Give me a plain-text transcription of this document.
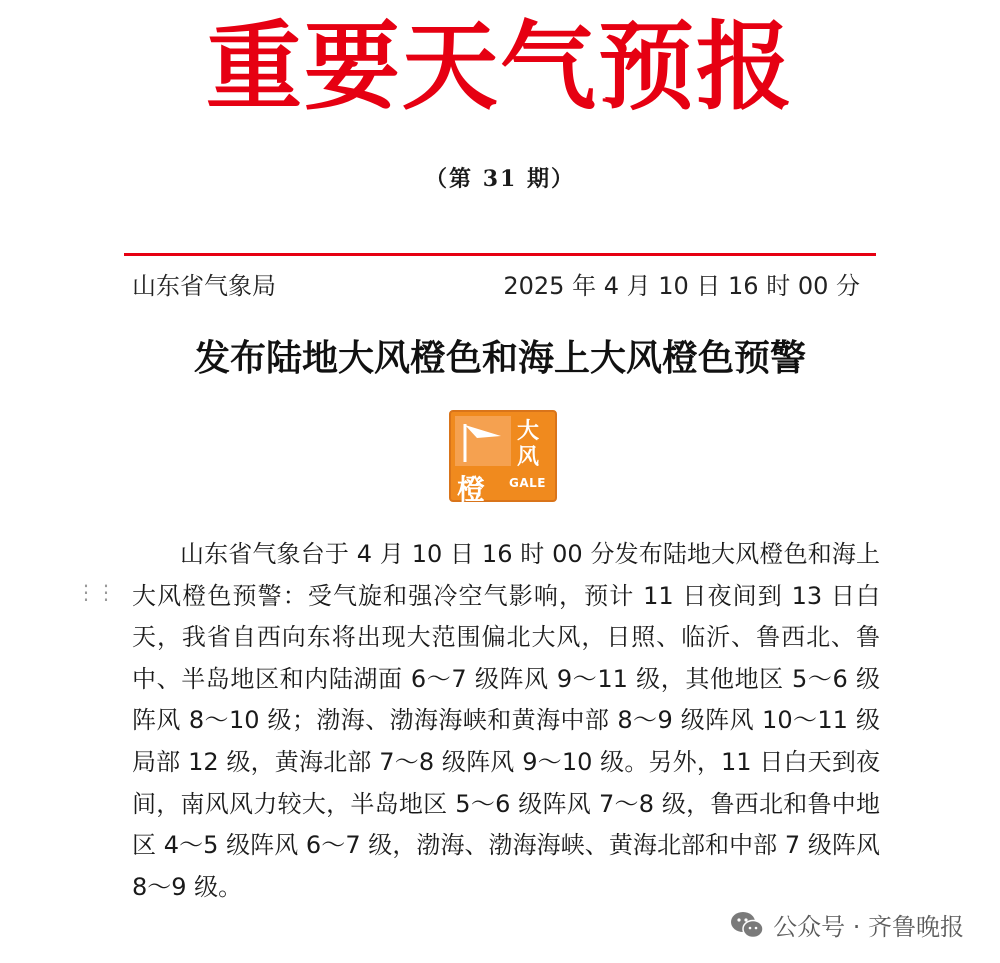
重要天气预报
（第 31 期）
山东省气象局	2025 年 4 月 10 日 16 时 00 分
发布陆地大风橙色和海上大风橙色预警
大
风
橙 GALE
⋮⋮

山东省气象台于 4 月 10 日 16 时 00 分发布陆地大风橙色和海上大风橙色预警：受气旋和强冷空气影响，预计 11 日夜间到 13 日白天，我省自西向东将出现大范围偏北大风，日照、临沂、鲁西北、鲁中、半岛地区和内陆湖面 6～7 级阵风 9～11 级，其他地区 5～6 级阵风 8～10 级；渤海、渤海海峡和黄海中部 8～9 级阵风 10～11 级局部 12 级，黄海北部 7～8 级阵风 9～10 级。另外，11 日白天到夜间，南风风力较大，半岛地区 5～6 级阵风 7～8 级，鲁西北和鲁中地区 4～5 级阵风 6～7 级，渤海、渤海海峡、黄海北部和中部 7 级阵风 8～9 级。

公众号 · 齐鲁晚报
